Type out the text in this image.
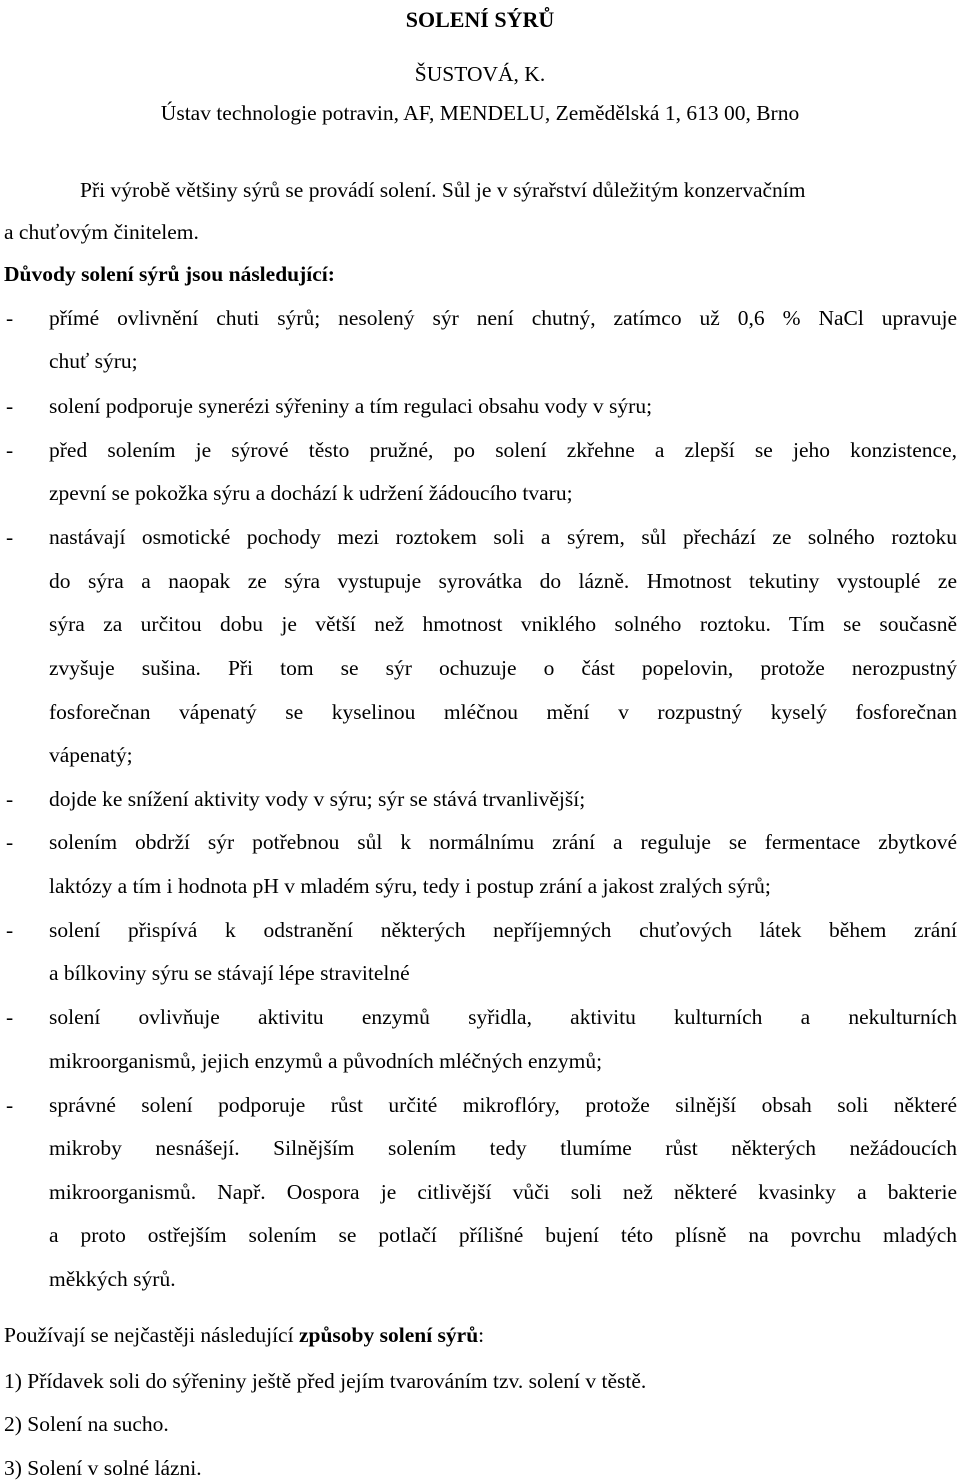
SOLENÍ SÝRŮ
ŠUSTOVÁ, K.
Ústav technologie potravin, AF, MENDELU, Zemědělská 1, 613 00, Brno
Při výrobě většiny sýrů se provádí solení. Sůl je v sýrařství důležitým konzervačním
a chuťovým činitelem.
Důvody solení sýrů jsou následující:
- přímé ovlivnění chuti sýrů; nesolený sýr není chutný, zatímco už 0,6 % NaCl upravuje
chuť sýru;
- solení podporuje synerézi sýřeniny a tím regulaci obsahu vody v sýru;
- před solením je sýrové těsto pružné, po solení zkřehne a zlepší se jeho konzistence,
zpevní se pokožka sýru a dochází k udržení žádoucího tvaru;
- nastávají osmotické pochody mezi roztokem soli a sýrem, sůl přechází ze solného roztoku
do sýra a naopak ze sýra vystupuje syrovátka do lázně. Hmotnost tekutiny vystouplé ze
sýra za určitou dobu je větší než hmotnost vniklého solného roztoku. Tím se současně
zvyšuje sušina. Při tom se sýr ochuzuje o část popelovin, protože nerozpustný
fosforečnan vápenatý se kyselinou mléčnou mění v rozpustný kyselý fosforečnan
vápenatý;
- dojde ke snížení aktivity vody v sýru; sýr se stává trvanlivější;
- solením obdrží sýr potřebnou sůl k normálnímu zrání a reguluje se fermentace zbytkové
laktózy a tím i hodnota pH v mladém sýru, tedy i postup zrání a jakost zralých sýrů;
- solení přispívá k odstranění některých nepříjemných chuťových látek během zrání
a bílkoviny sýru se stávají lépe stravitelné
- solení ovlivňuje aktivitu enzymů syřidla, aktivitu kulturních a nekulturních
mikroorganismů, jejich enzymů a původních mléčných enzymů;
- správné solení podporuje růst určité mikroflóry, protože silnější obsah soli některé
mikroby nesnášejí. Silnějším solením tedy tlumíme růst některých nežádoucích
mikroorganismů. Např. Oospora je citlivější vůči soli než některé kvasinky a bakterie
a proto ostřejším solením se potlačí přílišné bujení této plísně na povrchu mladých
měkkých sýrů.
Používají se nejčastěji následující způsoby solení sýrů:
1) Přídavek soli do sýřeniny ještě před jejím tvarováním tzv. solení v těstě.
2) Solení na sucho.
3) Solení v solné lázni.
